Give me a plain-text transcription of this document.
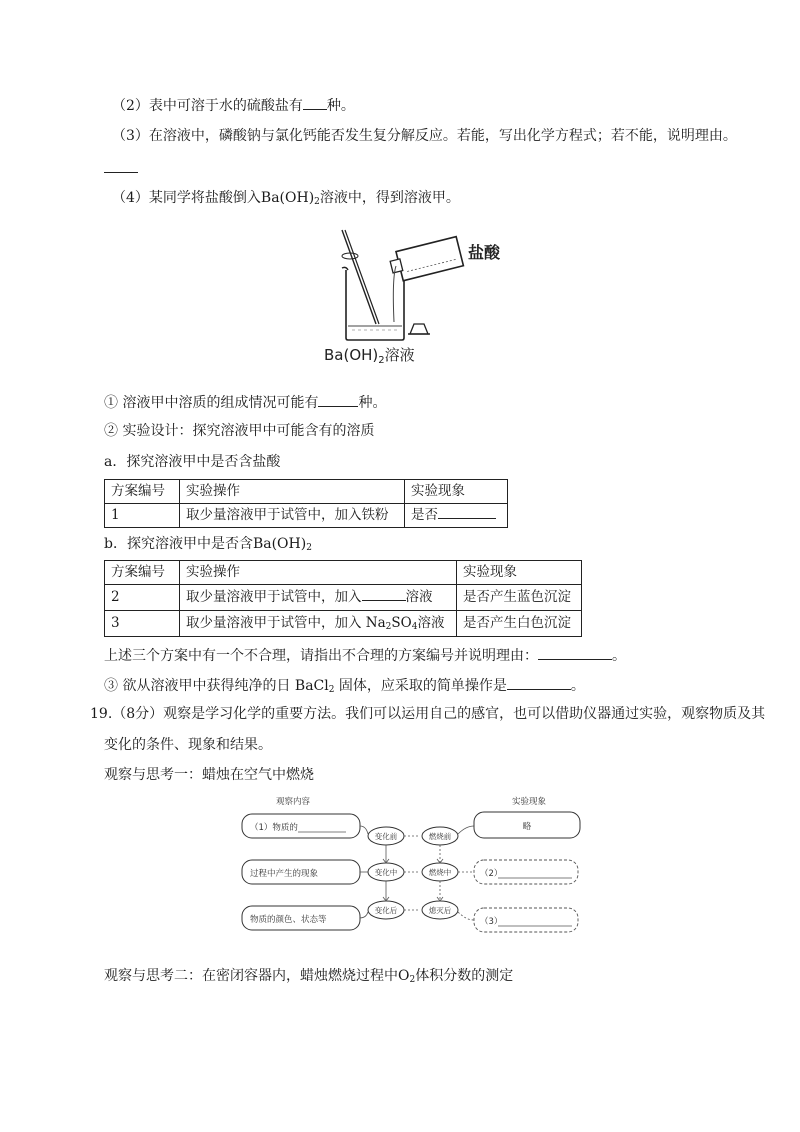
（2）表中可溶于水的硫酸盐有 种。
（3）在溶液中，磷酸钠与氯化钙能否发生复分解反应。若能，写出化学方程式；若不能，说明理由。
（4）某同学将盐酸倒入$Ba(OH)_2$溶液中，得到溶液甲。
盐酸
$Ba(OH)_2$溶液
① 溶液甲中溶质的组成情况可能有	种。
② 实验设计：探究溶液甲中可能含有的溶质
a．探究溶液甲中是否含盐酸
方案编号	实验操作	实验现象
1	取少量溶液甲于试管中，加入铁粉	是否
b．探究溶液甲中是否含$Ba(OH)_2$
方案编号	实验操作	实验现象
2	取少量溶液甲于试管中，加入 溶液	是否产生蓝色沉淀
3	取少量溶液甲于试管中，加入 $Na_2SO_4$溶液	是否产生白色沉淀
上述三个方案中有一个不合理，请指出不合理的方案编号并说明理由：	。
③ 欲从溶液甲中获得纯净的日 BaCl$_2$ 固体，应采取的简单操作是	。
19.（8分）观察是学习化学的重要方法。我们可以运用自己的感官，也可以借助仪器通过实验，观察物质及其
变化的条件、现象和结果。
观察与思考一：蜡烛在空气中燃烧
观察内容	实验现象
（1）物质的
过程中产生的现象
物质的颜色、状态等
变化前
变化中
变化后
燃烧前
燃烧中
熄灭后
略
（2）
（3）
观察与思考二：在密闭容器内，蜡烛燃烧过程中$O_2$体积分数的测定
